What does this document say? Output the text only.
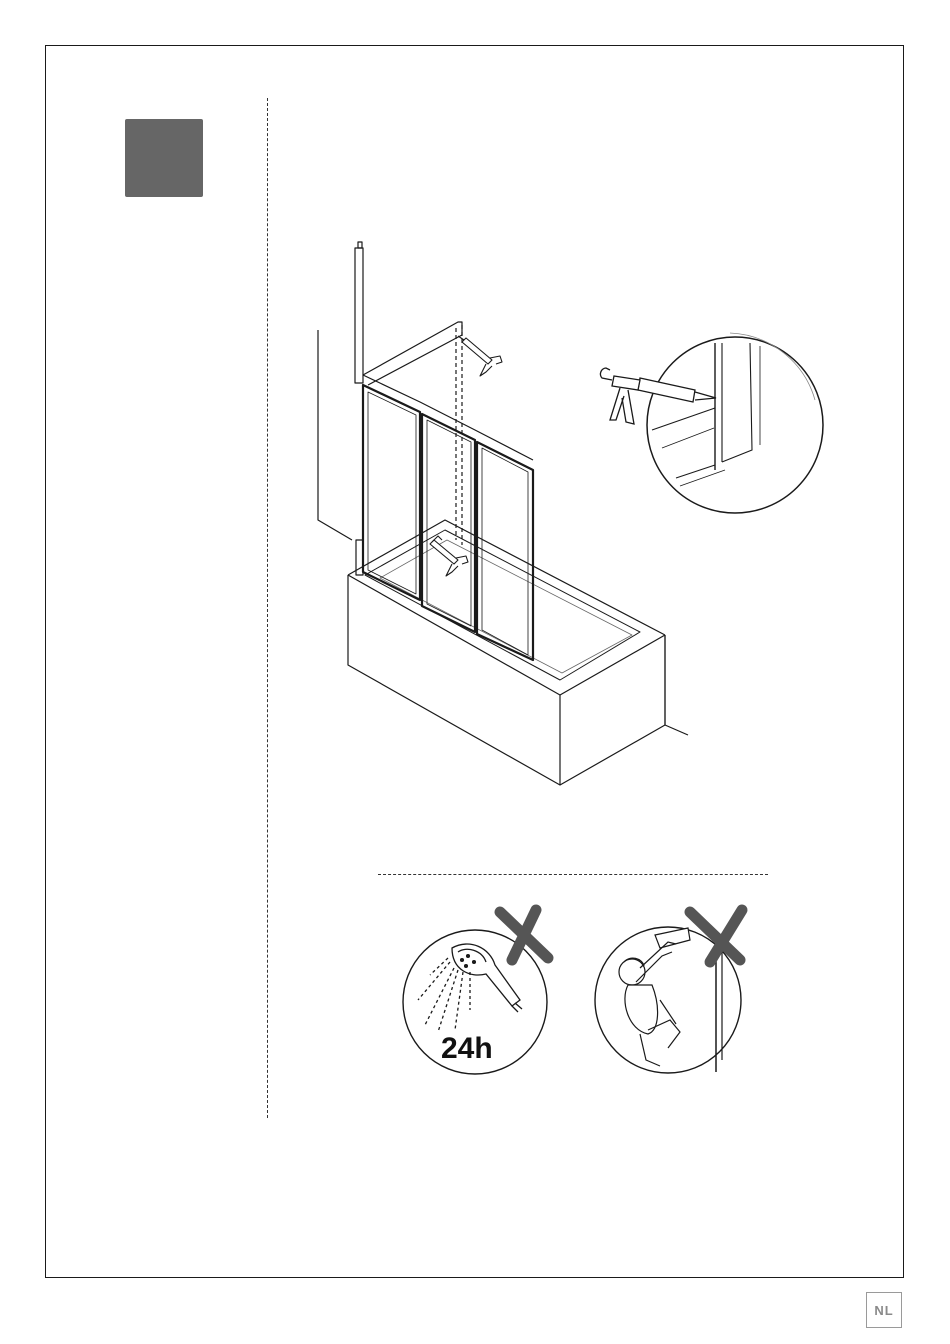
24h
NL
